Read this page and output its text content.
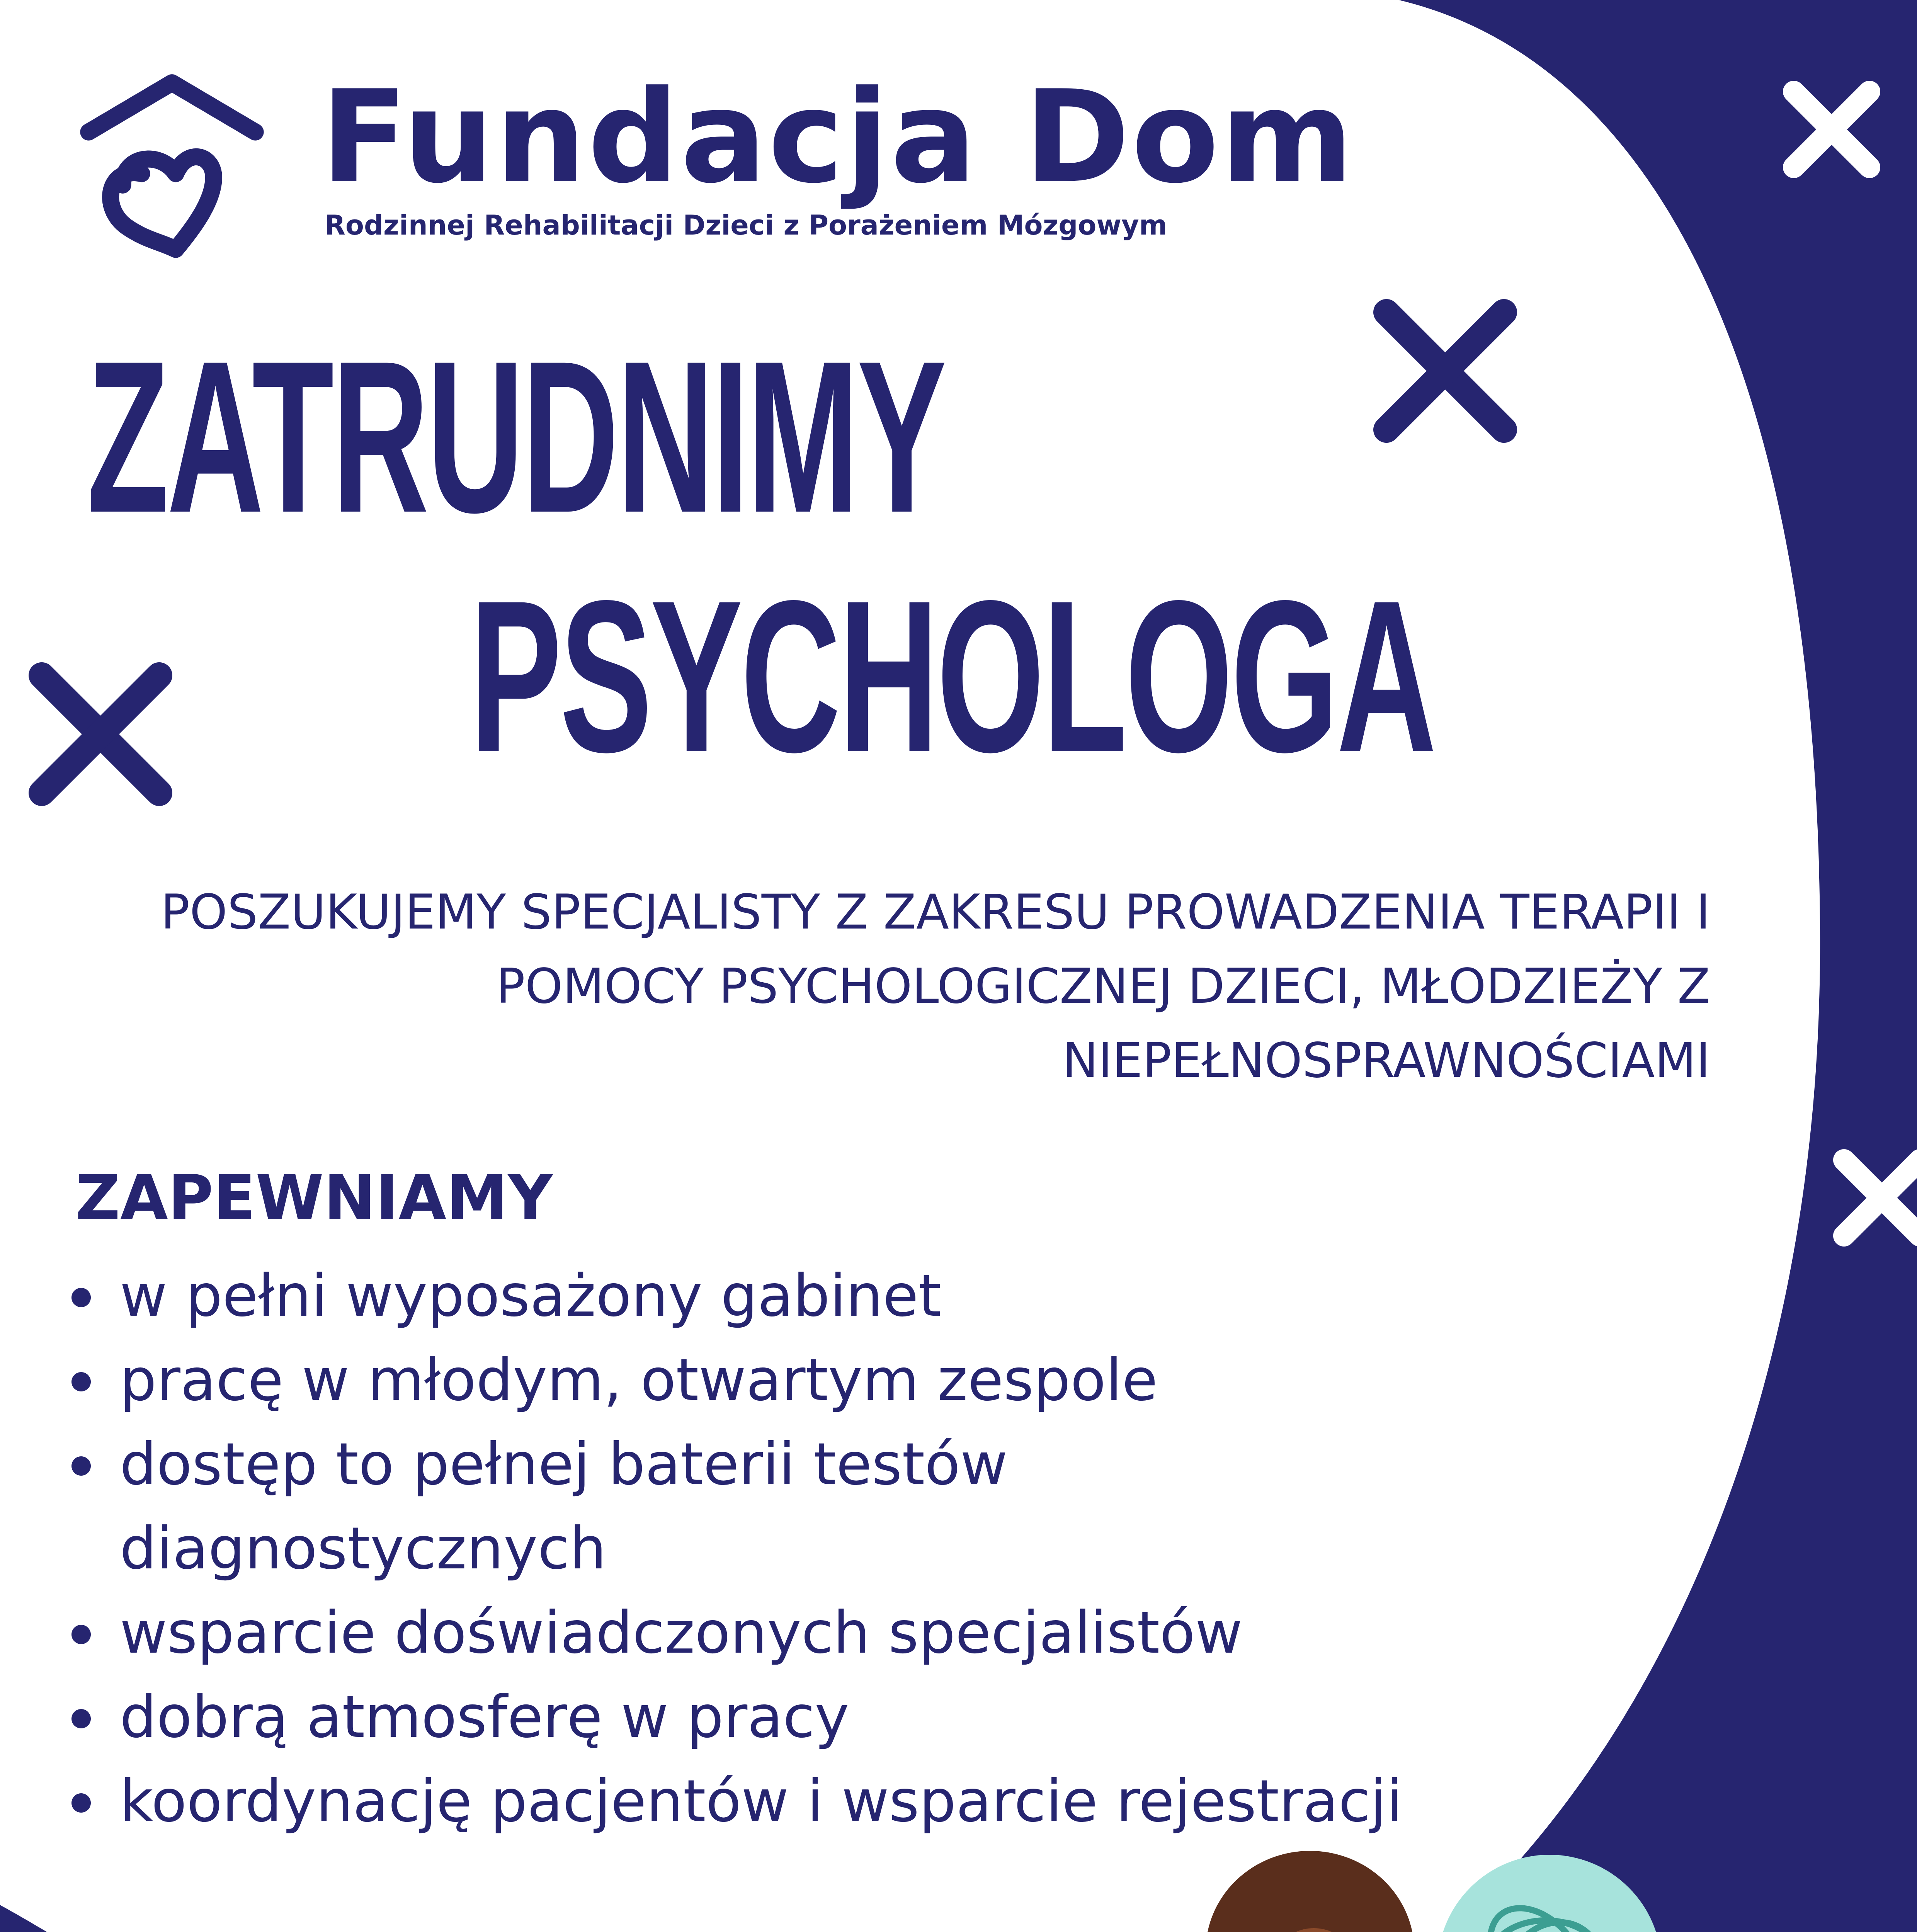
Fundacja Dom
Rodzinnej Rehabilitacji Dzieci z Porażeniem Mózgowym
ZATRUDNIMY
PSYCHOLOGA
POSZUKUJEMY SPECJALISTY Z ZAKRESU PROWADZENIA TERAPII I
POMOCY PSYCHOLOGICZNEJ DZIECI, MŁODZIEŻY Z
NIEPEŁNOSPRAWNOŚCIAMI
ZAPEWNIAMY
w pełni wyposażony gabinet
pracę w młodym, otwartym zespole
dostęp to pełnej baterii testów diagnostycznych
wsparcie doświadczonych specjalistów
dobrą atmosferę w pracy
koordynację pacjentów i wsparcie rejestracji
